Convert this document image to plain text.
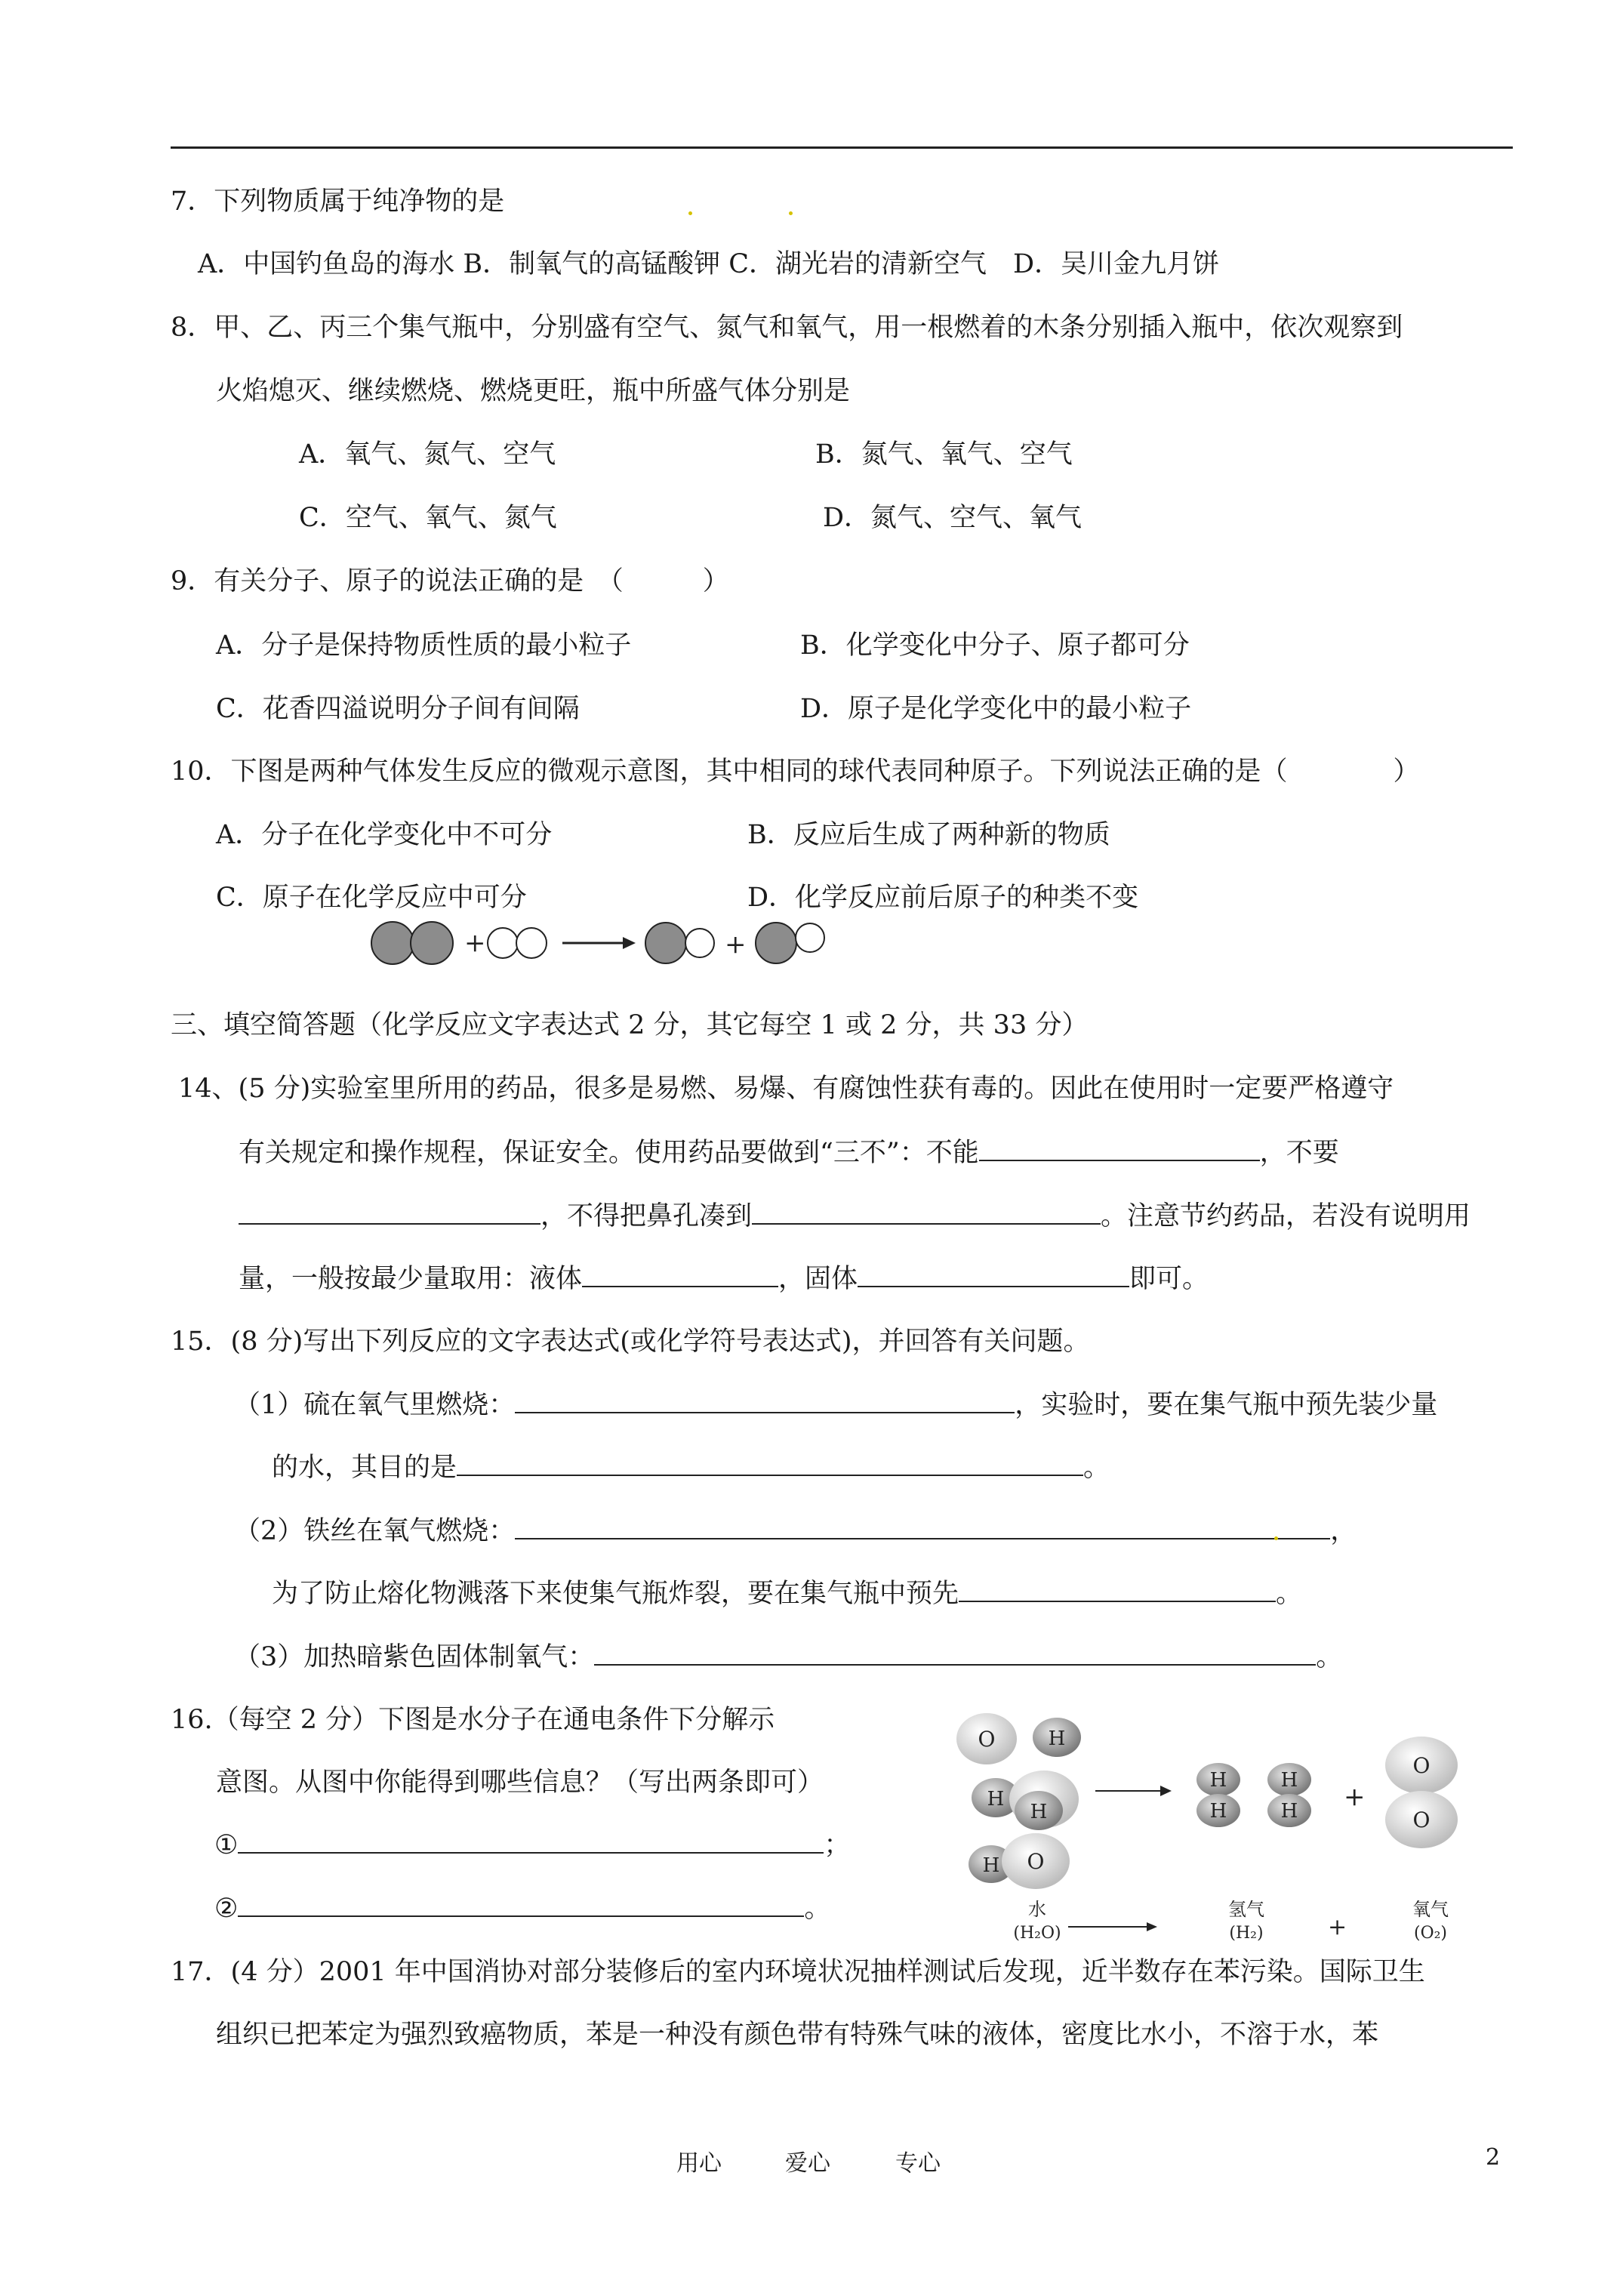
7．下列物质属于纯净物的是
A．中国钓鱼岛的海水 B．制氧气的高锰酸钾 C．湖光岩的清新空气　D．吴川金九月饼
8．甲、乙、丙三个集气瓶中，分别盛有空气、氮气和氧气，用一根燃着的木条分别插入瓶中，依次观察到
火焰熄灭、继续燃烧、燃烧更旺，瓶中所盛气体分别是
A．氧气、氮气、空气	B．氮气、氧气、空气
C．空气、氧气、氮气	D．氮气、空气、氧气
9．有关分子、原子的说法正确的是　（　　　）
A．分子是保持物质性质的最小粒子	B．化学变化中分子、原子都可分
C．花香四溢说明分子间有间隔	D．原子是化学变化中的最小粒子
10．下图是两种气体发生反应的微观示意图，其中相同的球代表同种原子。下列说法正确的是（　　　　）
A．分子在化学变化中不可分	B．反应后生成了两种新的物质
C．原子在化学反应中可分	D．化学反应前后原子的种类不变
+	+
三、填空简答题（化学反应文字表达式 2 分，其它每空 1 或 2 分，共 33 分）
14、(5 分)实验室里所用的药品，很多是易燃、易爆、有腐蚀性获有毒的。因此在使用时一定要严格遵守
有关规定和操作规程，保证安全。使用药品要做到“三不”：不能	，不要
，不得把鼻孔凑到	。注意节约药品，若没有说明用
量，一般按最少量取用：液体	，固体	即可。
15．(8 分)写出下列反应的文字表达式(或化学符号表达式)，并回答有关问题。
（1）硫在氧气里燃烧：	，实验时，要在集气瓶中预先装少量
的水，其目的是	。
（2）铁丝在氧气燃烧：	，
为了防止熔化物溅落下来使集气瓶炸裂，要在集气瓶中预先	。
（3）加热暗紫色固体制氧气：	。
16.（每空 2 分）下图是水分子在通电条件下分解示
意图。从图中你能得到哪些信息？（写出两条即可）
①	；
②	。
O	H
H
H
H O
H
H
H
H +
O
O
水
(H₂O)
氢气
(H₂)	+
氧气
(O₂)
17．(4 分）2001 年中国消协对部分装修后的室内环境状况抽样测试后发现，近半数存在苯污染。国际卫生
组织已把苯定为强烈致癌物质，苯是一种没有颜色带有特殊气味的液体，密度比水小，不溶于水，苯
用心	爱心	专心	2
